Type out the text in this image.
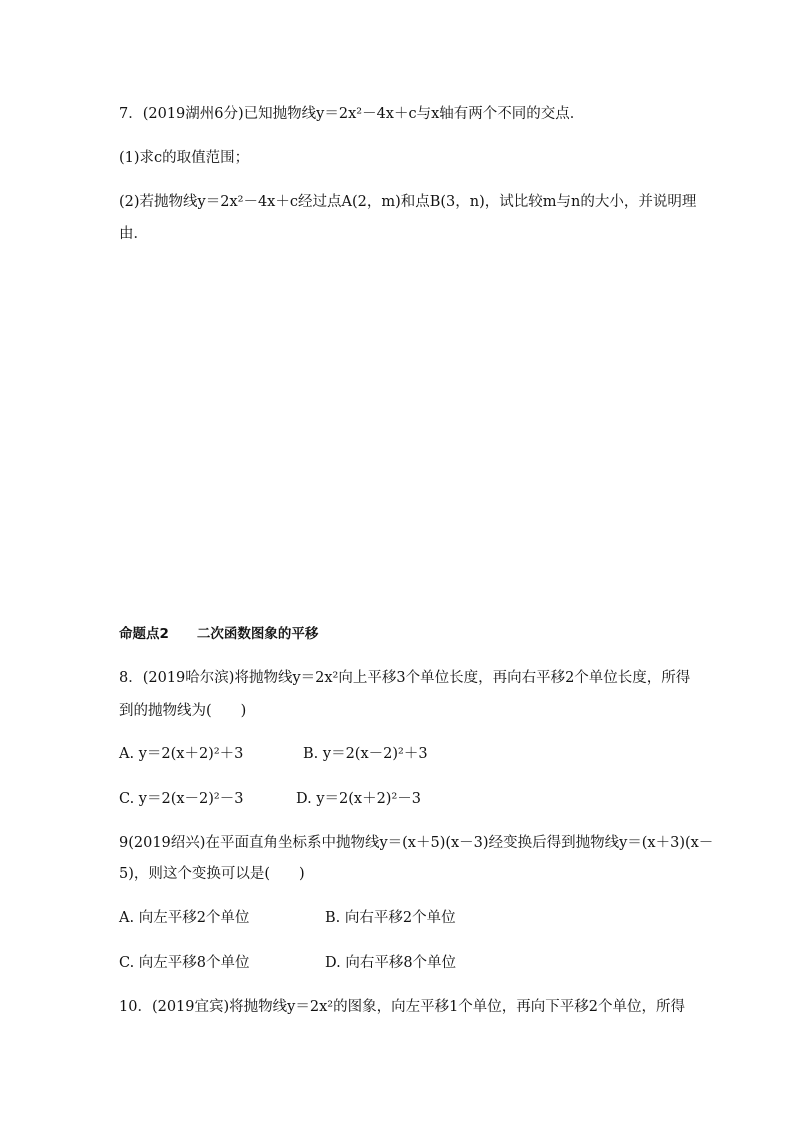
7．(2019湖州6分)已知抛物线y＝2x²－4x＋c与x轴有两个不同的交点．
(1)求c的取值范围；
(2)若抛物线y＝2x²－4x＋c经过点A(2，m)和点B(3，n)，试比较m与n的大小，并说明理
由．
命题点2 二次函数图象的平移
8．(2019哈尔滨)将抛物线y＝2x²向上平移3个单位长度，再向右平移2个单位长度，所得
到的抛物线为(　　)
A. y＝2(x＋2)²＋3	B. y＝2(x－2)²＋3
C. y＝2(x－2)²－3	D. y＝2(x＋2)²－3
9(2019绍兴)在平面直角坐标系中抛物线y＝(x＋5)(x－3)经变换后得到抛物线y＝(x＋3)(x－
5)，则这个变换可以是(　　)
A. 向左平移2个单位	B. 向右平移2个单位
C. 向左平移8个单位	D. 向右平移8个单位
10．(2019宜宾)将抛物线y＝2x²的图象，向左平移1个单位，再向下平移2个单位，所得
